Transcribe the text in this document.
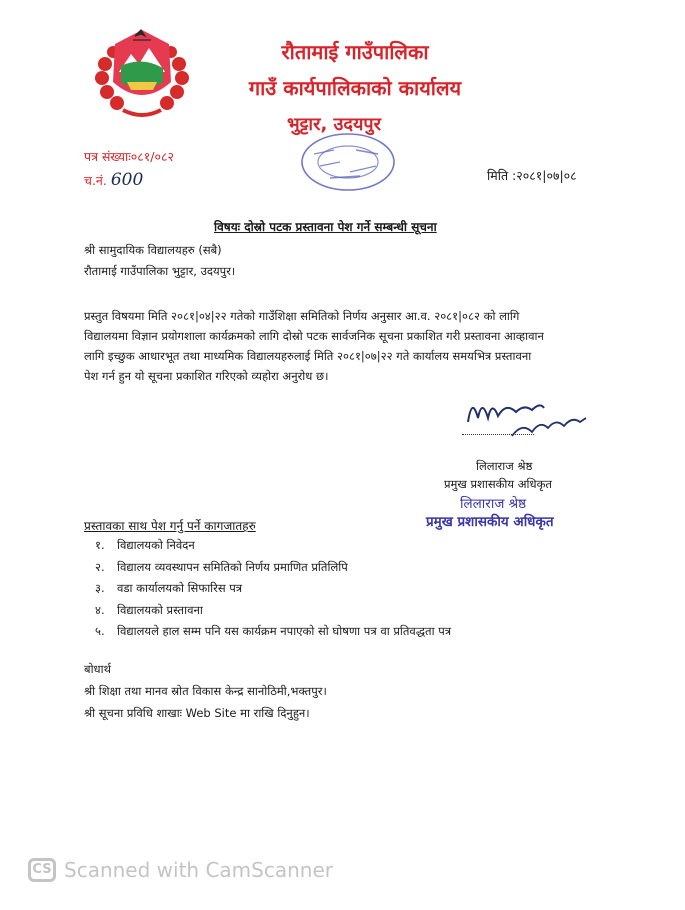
रौतामाई गाउँपालिका
गाउँ कार्यपालिकाको कार्यालय
भुट्टार, उदयपुर
पत्र संख्याः०८१/०८२
च.नं. 600	मिति :२०८१|०७|०८
विषयः दोस्रो पटक प्रस्तावना पेश गर्ने सम्बन्धी सूचना
श्री सामुदायिक विद्यालयहरु (सबै)
रौतामाई गाउँपालिका भुट्टार, उदयपुर।
प्रस्तुत विषयमा मिति २०८१|०४|२२ गतेको गाउँशिक्षा समितिको निर्णय अनुसार आ.व. २०८१|०८२ को लागि
विद्यालयमा विज्ञान प्रयोगशाला कार्यक्रमको लागि दोस्रो पटक सार्वजनिक सूचना प्रकाशित गरी प्रस्तावना आव्हावान
लागि इच्छुक आधारभूत तथा माध्यमिक विद्यालयहरुलाई मिति २०८१|०७|२२ गते कार्यालय समयभित्र प्रस्तावना
पेश गर्न हुन यो सूचना प्रकाशित गरिएको व्यहोरा अनुरोध छ।
लिलाराज श्रेष्ठ
प्रमुख प्रशासकीय अधिकृत
लिलाराज श्रेष्ठ
प्रमुख प्रशासकीय अधिकृत
प्रस्तावका साथ पेश गर्नु पर्ने कागजातहरु
१. विद्यालयको निवेदन
२. विद्यालय व्यवस्थापन समितिको निर्णय प्रमाणित प्रतिलिपि
३. वडा कार्यालयको सिफारिस पत्र
४. विद्यालयको प्रस्तावना
५. विद्यालयले हाल सम्म पनि यस कार्यक्रम नपाएको सो घोषणा पत्र वा प्रतिवद्धता पत्र
बोधार्थ
श्री शिक्षा तथा मानव स्रोत विकास केन्द्र सानोठिमी,भक्तपुर।
श्री सूचना प्रविधि शाखाः Web Site मा राखि दिनुहुन।
CS Scanned with CamScanner
